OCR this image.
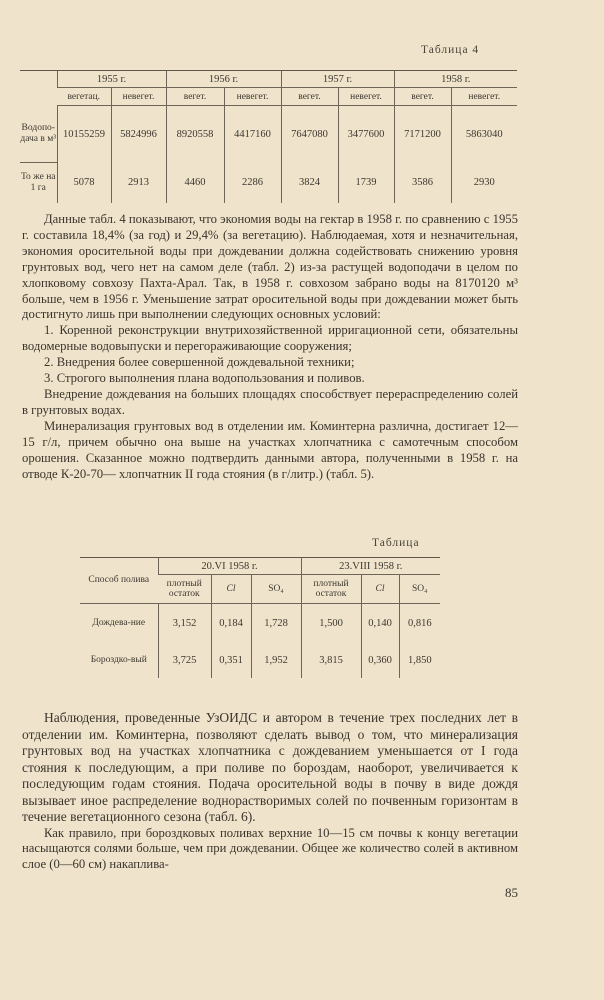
Таблица 4
	1955 г.		1956 г.		1957 г.		1958 г.	
	вегетац.	невегет.	вегет.	невегет.	вегет.	невегет.	вегет.	невегет.
Водопо-дача в м³	10155259	5824996	8920558	4417160	7647080	3477600	7171200	5863040
То же на 1 га	5078	2913	4460	2286	3824	1739	3586	2930

Данные табл. 4 показывают, что экономия воды на гектар в 1958 г. по сравнению с 1955 г. составила 18,4% (за год) и 29,4% (за вегетацию). Наблюдаемая, хотя и незначительная, экономия оросительной воды при дождевании должна содействовать снижению уровня грунтовых вод, чего нет на самом деле (табл. 2) из-за растущей водоподачи в целом по хлопковому совхозу Пахта-Арал. Так, в 1958 г. совхозом забрано воды на 8170120 м³ больше, чем в 1956 г. Уменьшение затрат оросительной воды при дождевании может быть достигнуто лишь при выполнении следующих основных условий:

1. Коренной реконструкции внутрихозяйственной ирригационной сети, обязательны водомерные водовыпуски и перегораживающие сооружения;

2. Внедрения более совершенной дождевальной техники;

3. Строгого выполнения плана водопользования и поливов.

Внедрение дождевания на больших площадях способствует перераспределению солей в грунтовых водах.

Минерализация грунтовых вод в отделении им. Коминтерна различна, достигает 12—15 г/л, причем обычно она выше на участках хлопчатника с самотечным способом орошения. Сказанное можно подтвердить данными автора, полученными в 1958 г. на отводе К-20-70— хлопчатник II года стояния (в г/литр.) (табл. 5).

Таблица
Способ полива	20.VI 1958 г.			23.VIII 1958 г.		
	плотный остаток	Cl	SO₄	плотный остаток	Cl	SO₄
Дождева-ние	3,152	0,184	1,728	1,500	0,140	0,816
Бороздко-вый	3,725	0,351	1,952	3,815	0,360	1,850

Наблюдения, проведенные УзОИДС и автором в течение трех последних лет в отделении им. Коминтерна, позволяют сделать вывод о том, что минерализация грунтовых вод на участках хлопчатника с дождеванием уменьшается от I года стояния к последующим, а при поливе по бороздам, наоборот, увеличивается к последующим годам стояния. Подача оросительной воды в почву в виде дождя вызывает иное распределение воднорастворимых солей по почвенным горизонтам в течение вегетационного сезона (табл. 6).

Как правило, при бороздковых поливах верхние 10—15 см почвы к концу вегетации насыщаются солями больше, чем при дождевании. Общее же количество солей в активном слое (0—60 см) накаплива-

85
